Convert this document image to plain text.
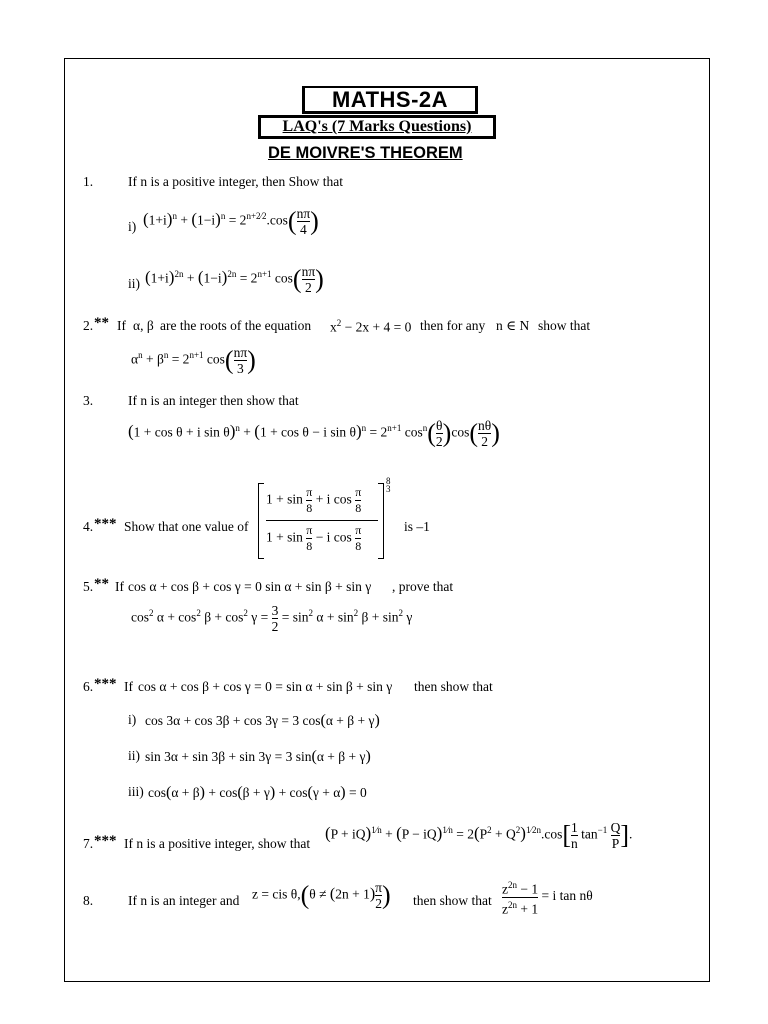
MATHS-2A
LAQ's (7 Marks Questions)
DE MOIVRE'S THEOREM
1.	If n is a positive integer, then Show that
i) $(1+i)^n + (1-i)^n = 2^{n+2⁄2}.\cos( \frac{n\pi}{4}$ )
ii) $(1+i)^{2n} + (1-i)^{2n} = 2^{n+1}$ $\cos( \frac{n\pi}{2}$ )
2. ** If α, β are the roots of the equation $x^2 - 2x + 4 = 0$ then for any n ∈ N show that
$\alpha^n + \beta^n = 2^{n+1}$ $\cos( \frac{n\pi}{3}$ )
3.	If n is an integer then show that
(1 + cos θ + i sin θ)$^n$ + (1 + cos θ − i $\sin \theta)^n = 2^{n+1}$ $\cos^n( \frac{\theta}{2} )\cos( \frac{n\theta}{2}$ )
4. *** Show that one value of
$1 + \sin \frac{\pi}{8} + i$ $\cos \frac{\pi}{8}$
$1 + \sin \frac{\pi}{8} - i$ $\cos \frac{\pi}{8}$
8
3
is –1
5. ** If cos α + cos β + cos γ = 0 sin α + sin β + sin γ , prove that
$\cos^2 \alpha + \cos^2 \beta + \cos^2 \gamma = \frac{3}{2} = \sin^2 \alpha + \sin^2 \beta + \sin^2 \gamma$
6. *** If cos α + cos β + cos γ = 0 = sin α + sin β + sin γ then show that
i) cos 3α + cos 3β + cos 3γ = 3 cos(α + β + γ)
ii) sin 3α + sin 3β + sin 3γ = 3 sin(α + β + γ)
iii) cos(α + β) + cos(β + γ) + cos(γ + α) = 0
7. *** If n is a positive integer, show that
$(P + iQ)^{1⁄n} + (P - iQ)^{1⁄n} = 2(P^2 + Q^2)^{1⁄2n}.\cos[ \frac{1}{n} \tan^{-1} \frac{Q}{P}$ ].
8.	If n is an integer and z = cis $\theta,(\theta \ne (2n + 1) \frac{\pi}{2}$ ) then show that $\frac{z^{2n} - 1}{z^{2n} + 1} = i$ tan nθ
